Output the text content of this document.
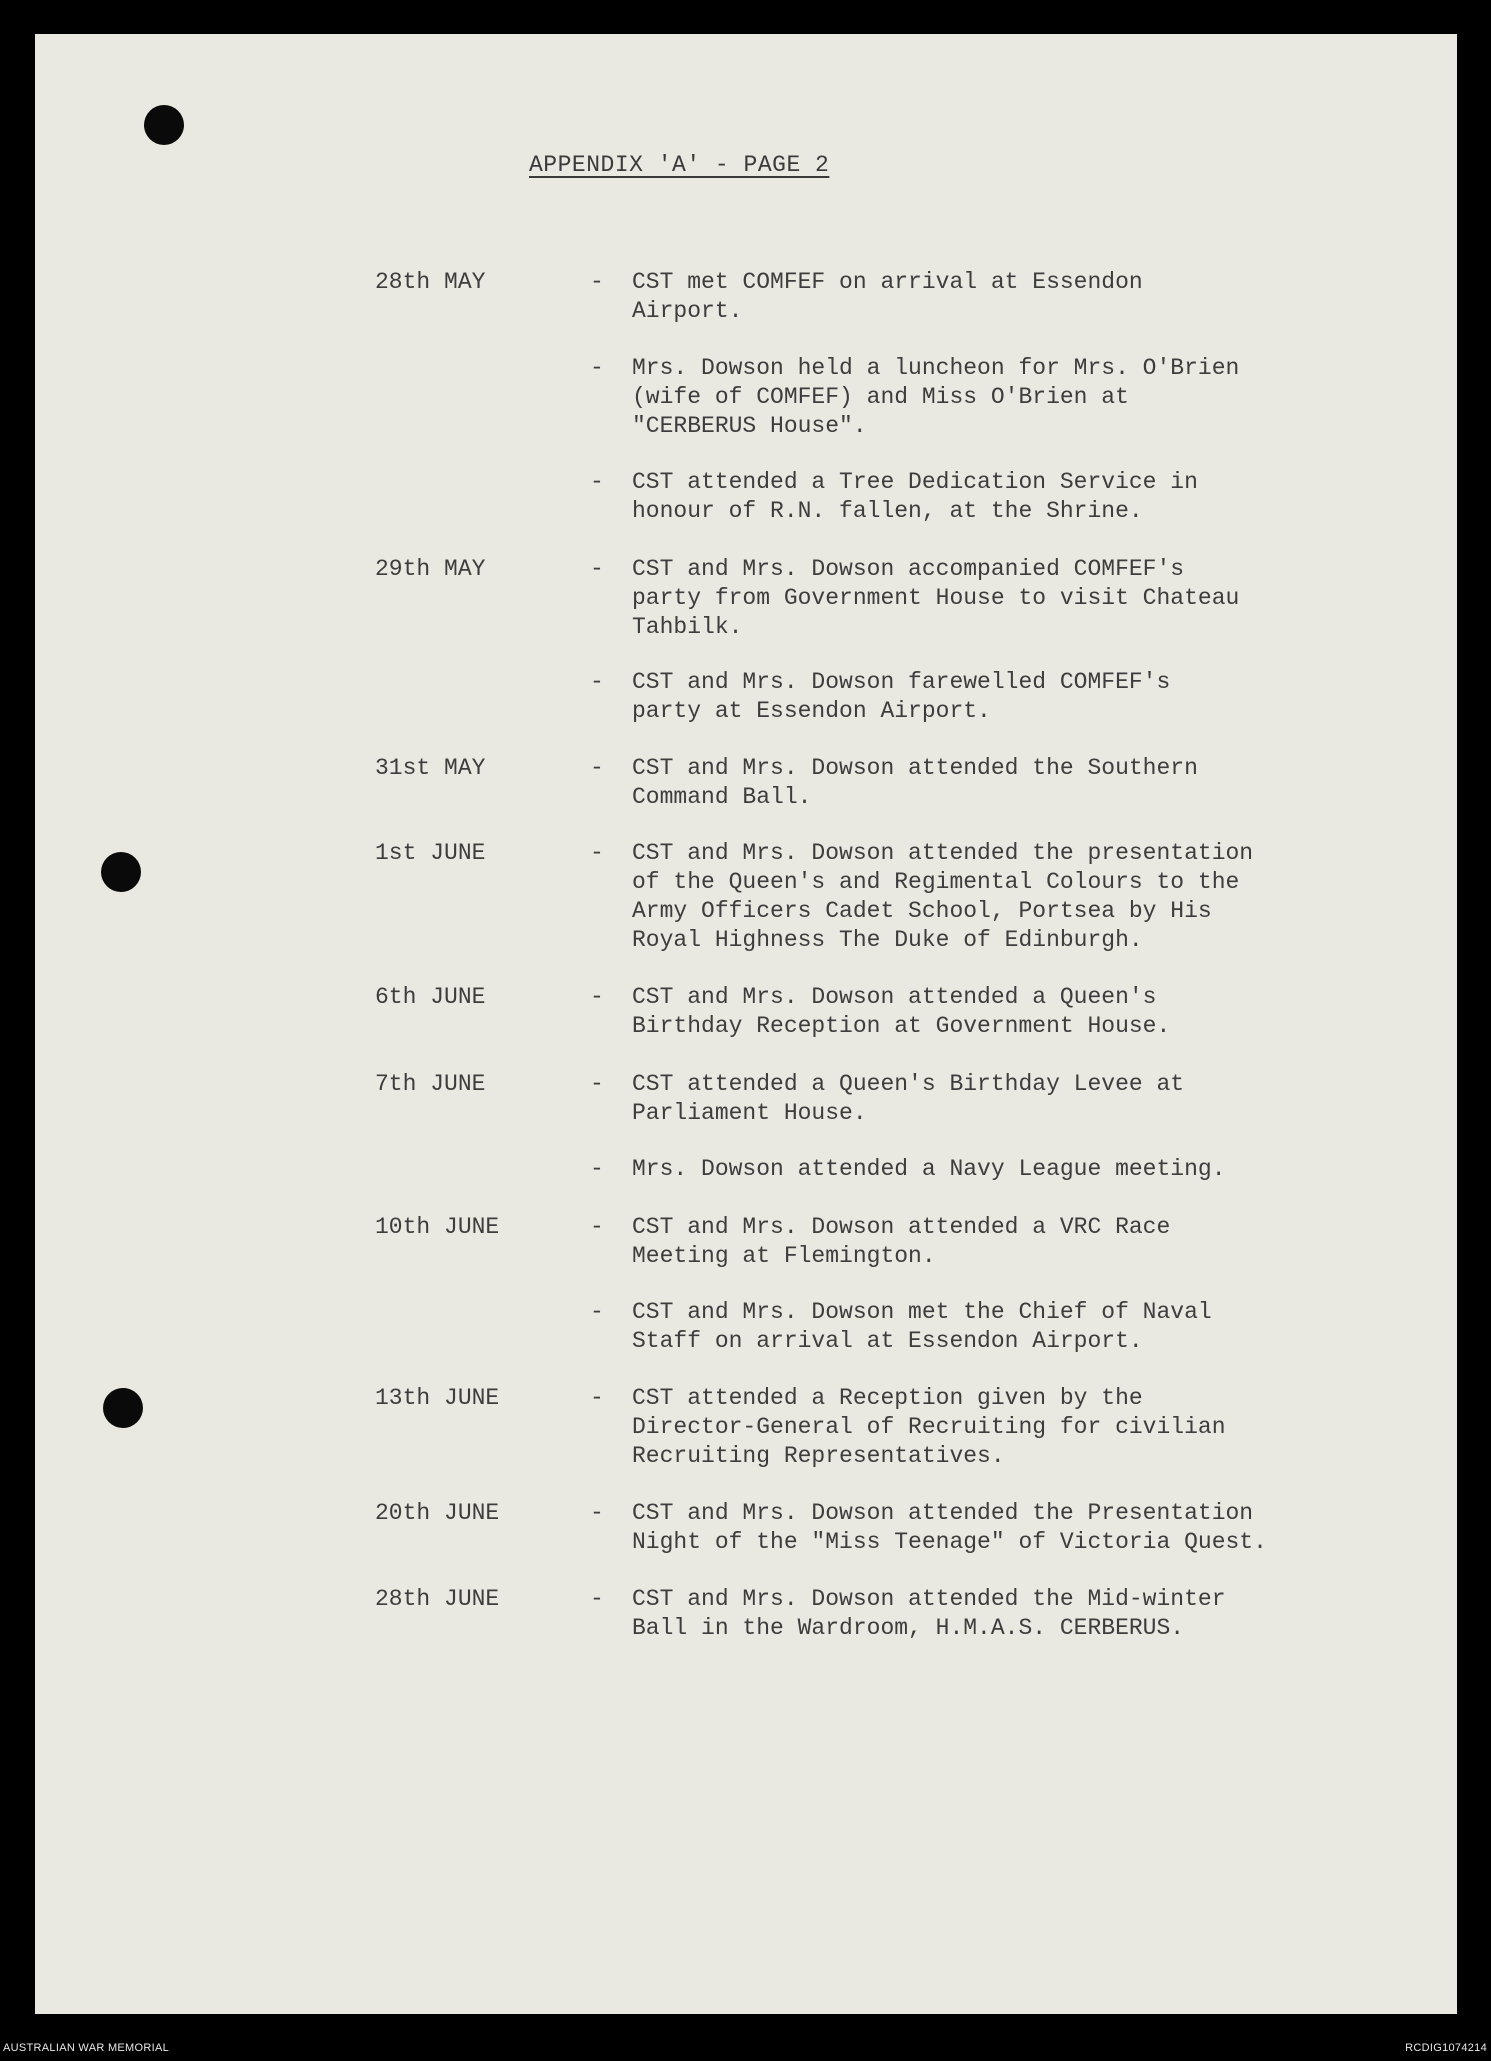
APPENDIX 'A' - PAGE 2
28th MAY	- CST met COMFEF on arrival at Essendon
Airport.
- Mrs. Dowson held a luncheon for Mrs. O'Brien
(wife of COMFEF) and Miss O'Brien at
"CERBERUS House".
- CST attended a Tree Dedication Service in
honour of R.N. fallen, at the Shrine.
29th MAY	- CST and Mrs. Dowson accompanied COMFEF's
party from Government House to visit Chateau
Tahbilk.
- CST and Mrs. Dowson farewelled COMFEF's
party at Essendon Airport.
31st MAY	- CST and Mrs. Dowson attended the Southern
Command Ball.
1st JUNE	- CST and Mrs. Dowson attended the presentation
of the Queen's and Regimental Colours to the
Army Officers Cadet School, Portsea by His
Royal Highness The Duke of Edinburgh.
6th JUNE	- CST and Mrs. Dowson attended a Queen's
Birthday Reception at Government House.
7th JUNE	- CST attended a Queen's Birthday Levee at
Parliament House.
- Mrs. Dowson attended a Navy League meeting.
10th JUNE	- CST and Mrs. Dowson attended a VRC Race
Meeting at Flemington.
- CST and Mrs. Dowson met the Chief of Naval
Staff on arrival at Essendon Airport.
13th JUNE	- CST attended a Reception given by the
Director-General of Recruiting for civilian
Recruiting Representatives.
20th JUNE	- CST and Mrs. Dowson attended the Presentation
Night of the "Miss Teenage" of Victoria Quest.
28th JUNE	- CST and Mrs. Dowson attended the Mid-winter
Ball in the Wardroom, H.M.A.S. CERBERUS.
AUSTRALIAN WAR MEMORIAL	RCDIG1074214
